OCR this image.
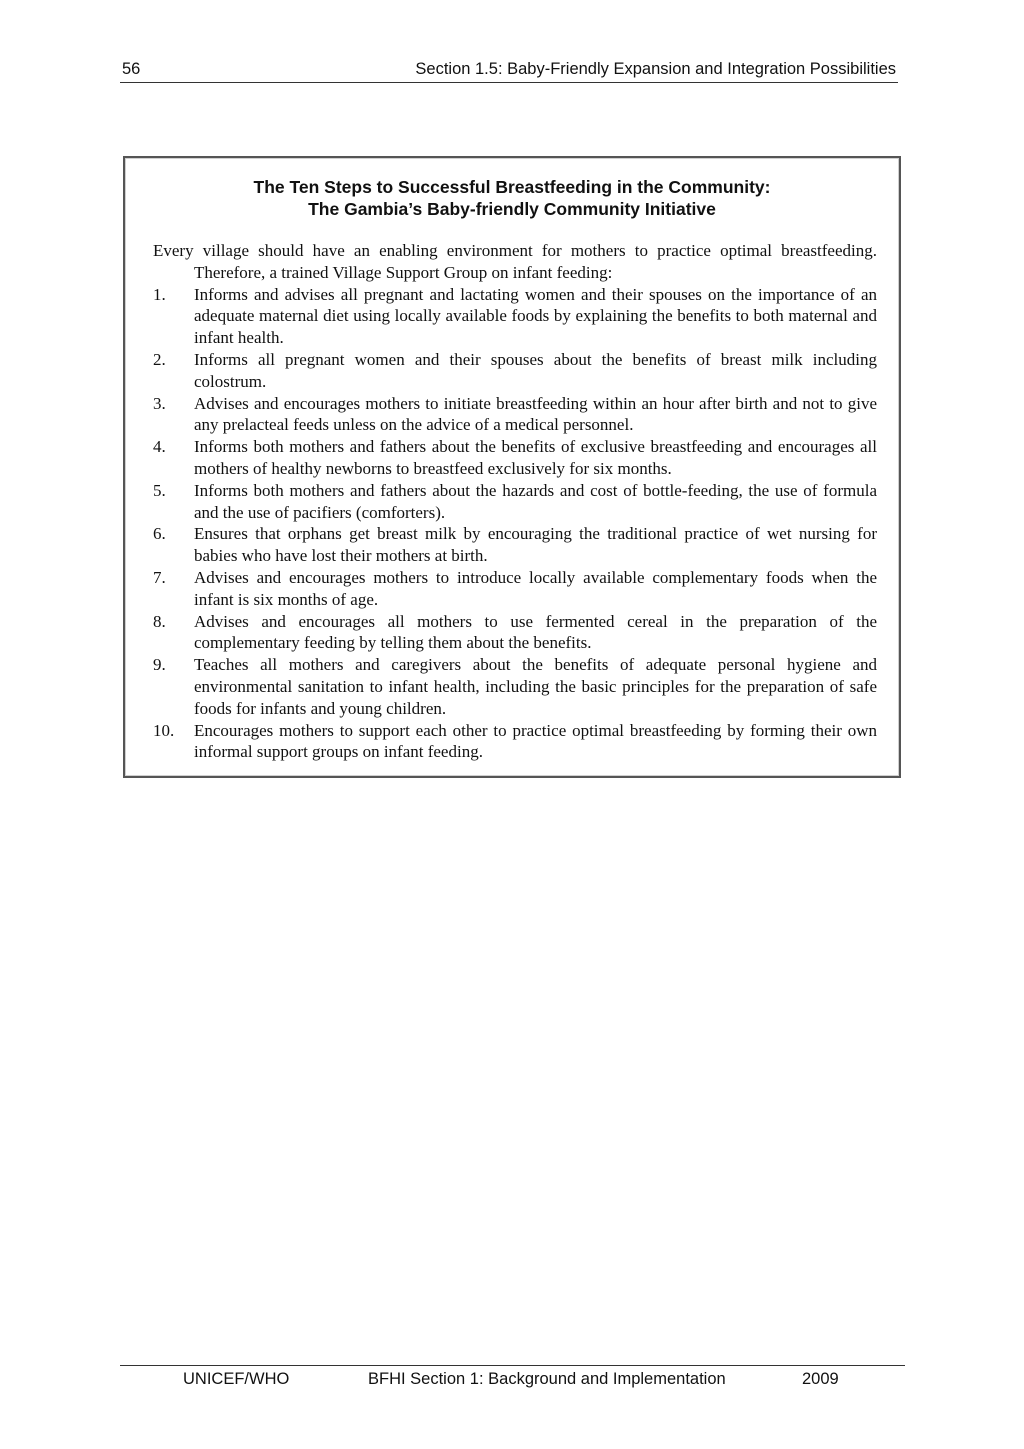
56	Section 1.5: Baby-Friendly Expansion and Integration Possibilities
The Ten Steps to Successful Breastfeeding in the Community:
The Gambia’s Baby-friendly Community Initiative

Every village should have an enabling environment for mothers to practice optimal breastfeeding. Therefore, a trained Village Support Group on infant feeding:

1. Informs and advises all pregnant and lactating women and their spouses on the importance of an adequate maternal diet using locally available foods by explaining the benefits to both maternal and infant health.
2. Informs all pregnant women and their spouses about the benefits of breast milk including colostrum.
3. Advises and encourages mothers to initiate breastfeeding within an hour after birth and not to give any prelacteal feeds unless on the advice of a medical personnel.
4. Informs both mothers and fathers about the benefits of exclusive breastfeeding and encourages all mothers of healthy newborns to breastfeed exclusively for six months.
5. Informs both mothers and fathers about the hazards and cost of bottle-feeding, the use of formula and the use of pacifiers (comforters).
6. Ensures that orphans get breast milk by encouraging the traditional practice of wet nursing for babies who have lost their mothers at birth.
7. Advises and encourages mothers to introduce locally available complementary foods when the infant is six months of age.
8. Advises and encourages all mothers to use fermented cereal in the preparation of the complementary feeding by telling them about the benefits.
9. Teaches all mothers and caregivers about the benefits of adequate personal hygiene and environmental sanitation to infant health, including the basic principles for the preparation of safe foods for infants and young children.
10. Encourages mothers to support each other to practice optimal breastfeeding by forming their own informal support groups on infant feeding.
UNICEF/WHO	BFHI Section 1: Background and Implementation	2009
